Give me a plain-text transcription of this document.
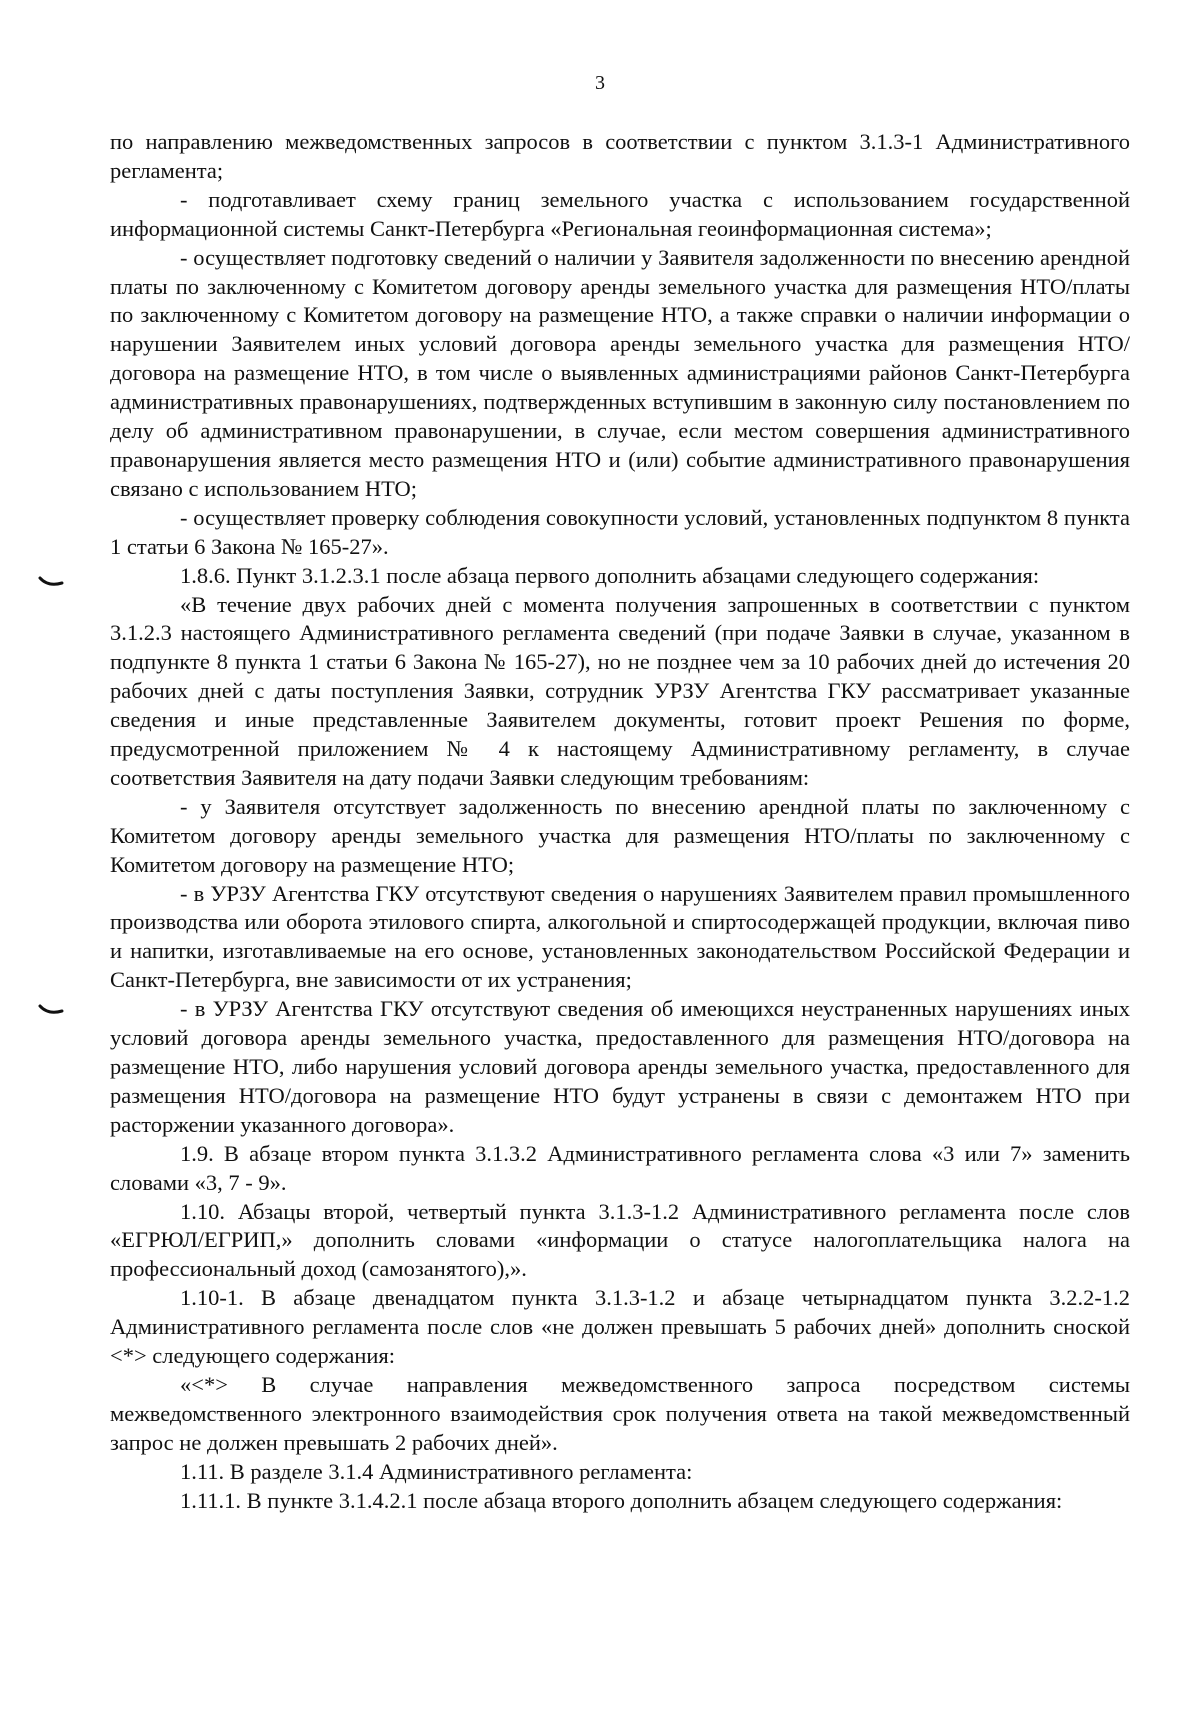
3

по направлению межведомственных запросов в соответствии с пунктом 3.1.3-1 Административного регламента;

- подготавливает схему границ земельного участка с использованием государственной информационной системы Санкт-Петербурга «Региональная геоинформационная система»;

- осуществляет подготовку сведений о наличии у Заявителя задолженности по внесению арендной платы по заключенному с Комитетом договору аренды земельного участка для размещения НТО/платы по заключенному с Комитетом договору на размещение НТО, а также справки о наличии информации о нарушении Заявителем иных условий договора аренды земельного участка для размещения НТО/договора на размещение НТО, в том числе о выявленных администрациями районов Санкт-Петербурга административных правонарушениях, подтвержденных вступившим в законную силу постановлением по делу об административном правонарушении, в случае, если местом совершения административного правонарушения является место размещения НТО и (или) событие административного правонарушения связано с использованием НТО;

- осуществляет проверку соблюдения совокупности условий, установленных подпунктом 8 пункта 1 статьи 6 Закона № 165-27».

1.8.6. Пункт 3.1.2.3.1 после абзаца первого дополнить абзацами следующего содержания:

«В течение двух рабочих дней с момента получения запрошенных в соответствии с пунктом 3.1.2.3 настоящего Административного регламента сведений (при подаче Заявки в случае, указанном в подпункте 8 пункта 1 статьи 6 Закона № 165-27), но не позднее чем за 10 рабочих дней до истечения 20 рабочих дней с даты поступления Заявки, сотрудник УРЗУ Агентства ГКУ рассматривает указанные сведения и иные представленные Заявителем документы, готовит проект Решения по форме, предусмотренной приложением № 4 к настоящему Административному регламенту, в случае соответствия Заявителя на дату подачи Заявки следующим требованиям:

- у Заявителя отсутствует задолженность по внесению арендной платы по заключенному с Комитетом договору аренды земельного участка для размещения НТО/платы по заключенному с Комитетом договору на размещение НТО;

- в УРЗУ Агентства ГКУ отсутствуют сведения о нарушениях Заявителем правил промышленного производства или оборота этилового спирта, алкогольной и спиртосодержащей продукции, включая пиво и напитки, изготавливаемые на его основе, установленных законодательством Российской Федерации и Санкт-Петербурга, вне зависимости от их устранения;

- в УРЗУ Агентства ГКУ отсутствуют сведения об имеющихся неустраненных нарушениях иных условий договора аренды земельного участка, предоставленного для размещения НТО/договора на размещение НТО, либо нарушения условий договора аренды земельного участка, предоставленного для размещения НТО/договора на размещение НТО будут устранены в связи с демонтажем НТО при расторжении указанного договора».

1.9. В абзаце втором пункта 3.1.3.2 Административного регламента слова «3 или 7» заменить словами «3, 7 - 9».

1.10. Абзацы второй, четвертый пункта 3.1.3-1.2 Административного регламента после слов «ЕГРЮЛ/ЕГРИП,» дополнить словами «информации о статусе налогоплательщика налога на профессиональный доход (самозанятого),».

1.10-1. В абзаце двенадцатом пункта 3.1.3-1.2 и абзаце четырнадцатом пункта 3.2.2-1.2 Административного регламента после слов «не должен превышать 5 рабочих дней» дополнить сноской <*> следующего содержания:

«<*> В случае направления межведомственного запроса посредством системы межведомственного электронного взаимодействия срок получения ответа на такой межведомственный запрос не должен превышать 2 рабочих дней».

1.11. В разделе 3.1.4 Административного регламента:

1.11.1. В пункте 3.1.4.2.1 после абзаца второго дополнить абзацем следующего содержания:
